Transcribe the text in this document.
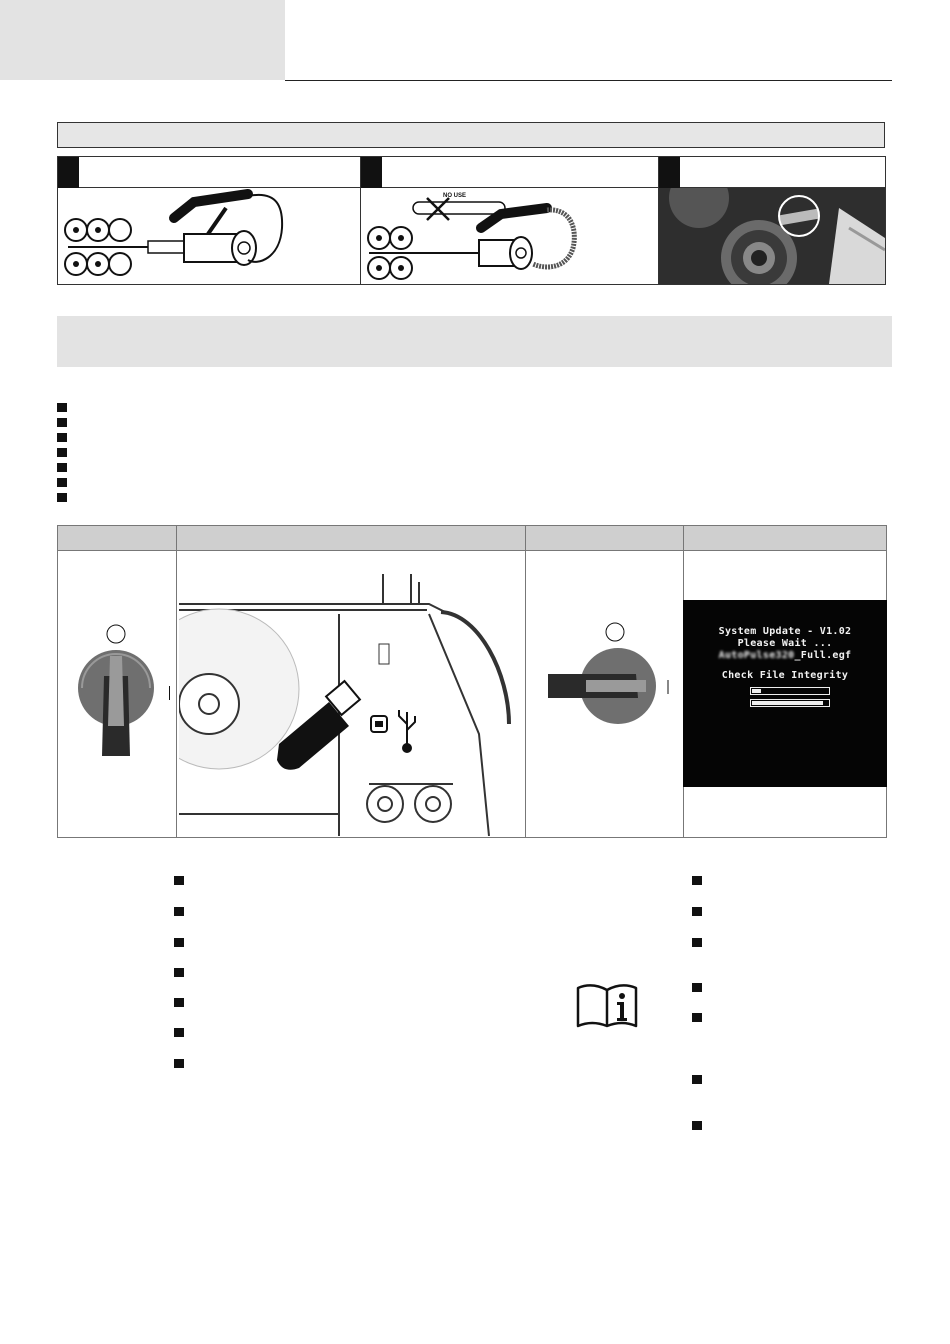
NO USE
System Update - V1.02
Please Wait ...
AutoPulse320_Full.egf
Check File Integrity
